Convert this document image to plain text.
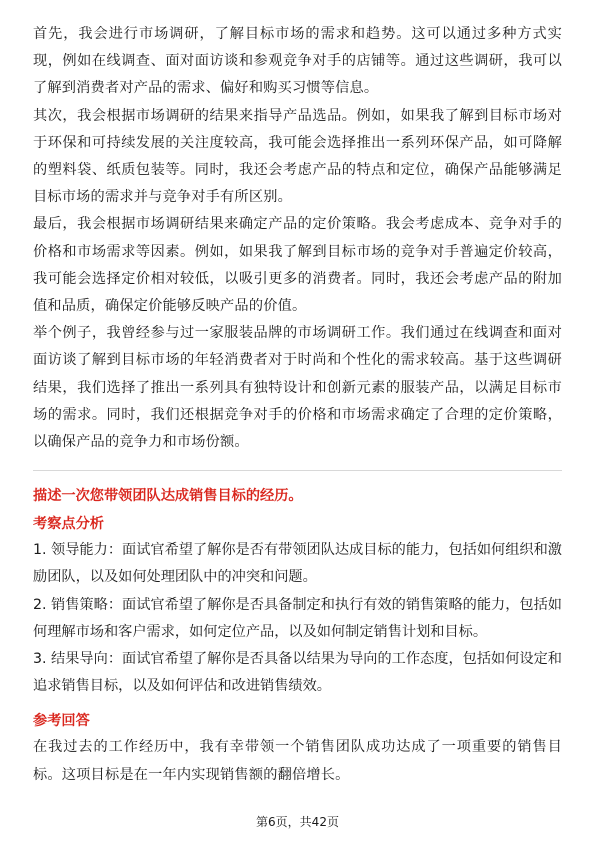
首先，我会进行市场调研，了解目标市场的需求和趋势。这可以通过多种方式实现，例如在线调查、面对面访谈和参观竞争对手的店铺等。通过这些调研，我可以了解到消费者对产品的需求、偏好和购买习惯等信息。

其次，我会根据市场调研的结果来指导产品选品。例如，如果我了解到目标市场对于环保和可持续发展的关注度较高，我可能会选择推出一系列环保产品，如可降解的塑料袋、纸质包装等。同时，我还会考虑产品的特点和定位，确保产品能够满足目标市场的需求并与竞争对手有所区别。

最后，我会根据市场调研结果来确定产品的定价策略。我会考虑成本、竞争对手的价格和市场需求等因素。例如，如果我了解到目标市场的竞争对手普遍定价较高，我可能会选择定价相对较低，以吸引更多的消费者。同时，我还会考虑产品的附加值和品质，确保定价能够反映产品的价值。

举个例子，我曾经参与过一家服装品牌的市场调研工作。我们通过在线调查和面对面访谈了解到目标市场的年轻消费者对于时尚和个性化的需求较高。基于这些调研结果，我们选择了推出一系列具有独特设计和创新元素的服装产品，以满足目标市场的需求。同时，我们还根据竞争对手的价格和市场需求确定了合理的定价策略，以确保产品的竞争力和市场份额。

描述一次您带领团队达成销售目标的经历。

考察点分析

1. 领导能力：面试官希望了解你是否有带领团队达成目标的能力，包括如何组织和激励团队，以及如何处理团队中的冲突和问题。

2. 销售策略：面试官希望了解你是否具备制定和执行有效的销售策略的能力，包括如何理解市场和客户需求，如何定位产品，以及如何制定销售计划和目标。

3. 结果导向：面试官希望了解你是否具备以结果为导向的工作态度，包括如何设定和追求销售目标，以及如何评估和改进销售绩效。

参考回答

在我过去的工作经历中，我有幸带领一个销售团队成功达成了一项重要的销售目标。这项目标是在一年内实现销售额的翻倍增长。

第6页，共42页
